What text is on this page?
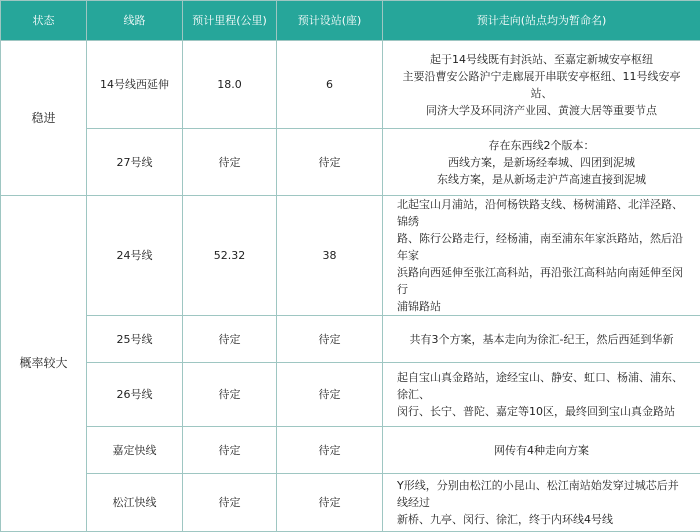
状态	线路	预计里程(公里)	预计设站(座)	预计走向(站点均为暂命名)
稳进	14号线西延伸	18.0	6	起于14号线既有封浜站、至嘉定新城安亭枢纽
主要沿曹安公路沪宁走廊展开串联安亭枢纽、11号线安亭站、
同济大学及环同济产业园、黄渡大居等重要节点

	27号线	待定	待定	存在东西线2个版本：
西线方案，是新场经奉城、四团到泥城
东线方案，是从新场走沪芦高速直接到泥城

概率较大	24号线	52.32	38	北起宝山月浦站，沿何杨铁路支线、杨树浦路、北洋泾路、锦绣
路、陈行公路走行，经杨浦，南至浦东年家浜路站，然后沿年家
浜路向西延伸至张江高科站，再沿张江高科站向南延伸至闵行
浦锦路站

	25号线	待定	待定	共有3个方案，基本走向为徐汇-纪王，然后西延到华新

	26号线	待定	待定	起自宝山真金路站，途经宝山、静安、虹口、杨浦、浦东、徐汇、
闵行、长宁、普陀、嘉定等10区，最终回到宝山真金路站

	嘉定快线	待定	待定	网传有4种走向方案

	松江快线	待定	待定	Y形线，分别由松江的小昆山、松江南站始发穿过城芯后并线经过
新桥、九亭、闵行、徐汇，终于内环线4号线
